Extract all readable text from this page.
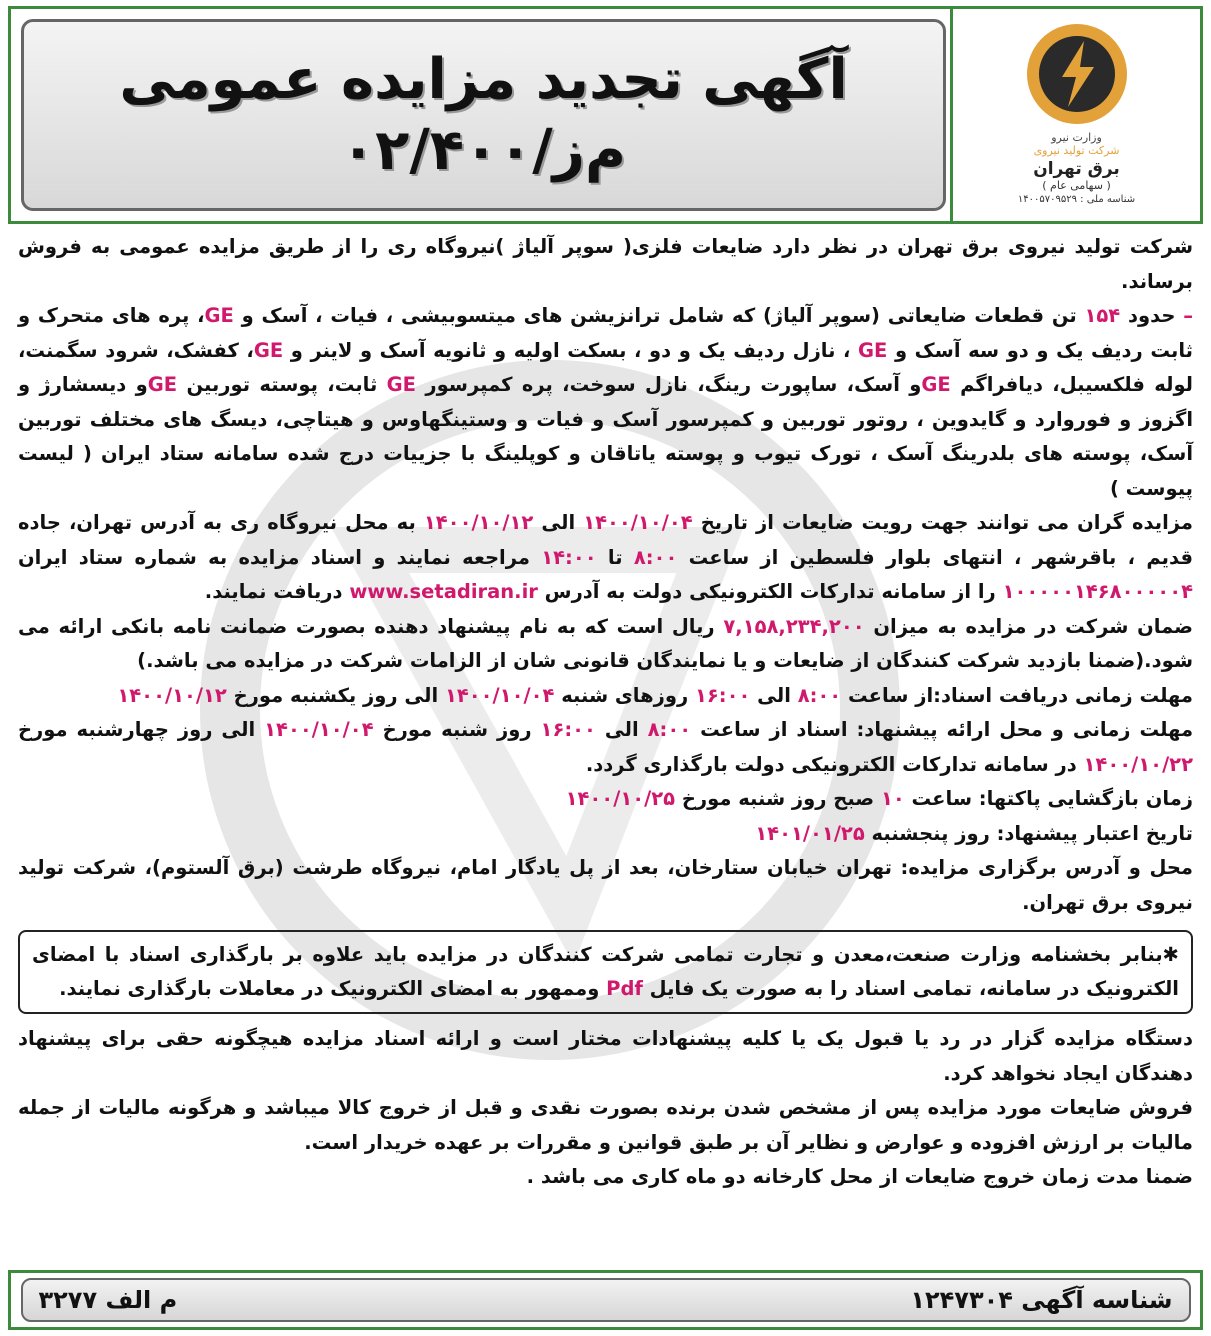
آگهی تجدید مزایده عمومی
۰۲/۴۰۰/م‌ز	وزارت نیرو
شرکت تولید نیروی
برق تهران
( سهامی عام )
شناسه ملی : ۱۴۰۰۵۷۰۹۵۲۹

شرکت تولید نیروی برق تهران در نظر دارد ضایعات فلزی( سوپر آلیاژ )نیروگاه ری را از طریق مزایده عمومی به فروش برساند.

– حدود ۱۵۴ تن قطعات ضایعاتی (سوپر آلیاژ) که شامل ترانزیشن های میتسوبیشی ، فیات ، آسک و GE، پره های متحرک و ثابت ردیف یک و دو سه آسک و GE ، نازل ردیف یک و دو ، بسکت اولیه و ثانویه آسک و لاینر و GE، کفشک، شرود سگمنت، لوله فلکسیبل، دیافراگم GEو آسک، ساپورت رینگ، نازل سوخت، پره کمپرسور GE ثابت، پوسته توربین GEو دیسشارژ و اگزوز و فوروارد و گایدوین ، روتور توربین و کمپرسور آسک و فیات و وستینگهاوس و هیتاچی، دیسگ های مختلف توربین آسک، پوسته های بلدرینگ آسک ، تورک تیوب و پوسته یاتاقان و کوپلینگ با جزییات درج شده سامانه ستاد ایران ( لیست پیوست )

مزایده گران می توانند جهت رویت ضایعات از تاریخ ۱۴۰۰/۱۰/۰۴ الی ۱۴۰۰/۱۰/۱۲ به محل نیروگاه ری به آدرس تهران، جاده قدیم ، باقرشهر ، انتهای بلوار فلسطین از ساعت ۸:۰۰ تا ۱۴:۰۰ مراجعه نمایند و اسناد مزایده به شماره ستاد ایران ۱۰۰۰۰۰۱۴۶۸۰۰۰۰۰۴ را از سامانه تدارکات الکترونیکی دولت به آدرس www.setadiran.ir دریافت نمایند.

ضمان شرکت در مزایده به میزان ۷,۱۵۸,۲۳۴,۲۰۰ ریال است که به نام پیشنهاد دهنده بصورت ضمانت نامه بانکی ارائه می شود.(ضمنا بازدید شرکت کنندگان از ضایعات و یا نمایندگان قانونی شان از الزامات شرکت در مزایده می باشد.)

مهلت زمانی دریافت اسناد:از ساعت ۸:۰۰ الی ۱۶:۰۰ روزهای شنبه ۱۴۰۰/۱۰/۰۴ الی روز یکشنبه مورخ ۱۴۰۰/۱۰/۱۲

مهلت زمانی و محل ارائه پیشنهاد: اسناد از ساعت ۸:۰۰ الی ۱۶:۰۰ روز شنبه مورخ ۱۴۰۰/۱۰/۰۴ الی روز چهارشنبه مورخ ۱۴۰۰/۱۰/۲۲ در سامانه تدارکات الکترونیکی دولت بارگذاری گردد.

زمان بازگشایی پاکتها: ساعت ۱۰ صبح روز شنبه مورخ ۱۴۰۰/۱۰/۲۵

تاریخ اعتبار پیشنهاد: روز پنجشنبه ۱۴۰۱/۰۱/۲۵

محل و آدرس برگزاری مزایده: تهران خیابان ستارخان، بعد از پل یادگار امام، نیروگاه طرشت (برق آلستوم)، شرکت تولید نیروی برق تهران.

✱بنابر بخشنامه وزارت صنعت،معدن و تجارت تمامی شرکت کنندگان در مزایده باید علاوه بر بارگذاری اسناد با امضای الکترونیک در سامانه، تمامی اسناد را به صورت یک فایل Pdf وممهور به امضای الکترونیک در معاملات بارگذاری نمایند.

دستگاه مزایده گزار در رد یا قبول یک یا کلیه پیشنهادات مختار است و ارائه اسناد مزایده هیچگونه حقی برای پیشنهاد دهندگان ایجاد نخواهد کرد.

فروش ضایعات مورد مزایده پس از مشخص شدن برنده بصورت نقدی و قبل از خروج کالا میباشد و هرگونه مالیات از جمله مالیات بر ارزش افزوده و عوارض و نظایر آن بر طبق قوانین و مقررات بر عهده خریدار است.

ضمنا مدت زمان خروج ضایعات از محل کارخانه دو ماه کاری می باشد .

شناسه آگهی ۱۲۴۷۳۰۴
م الف ۳۲۷۷
